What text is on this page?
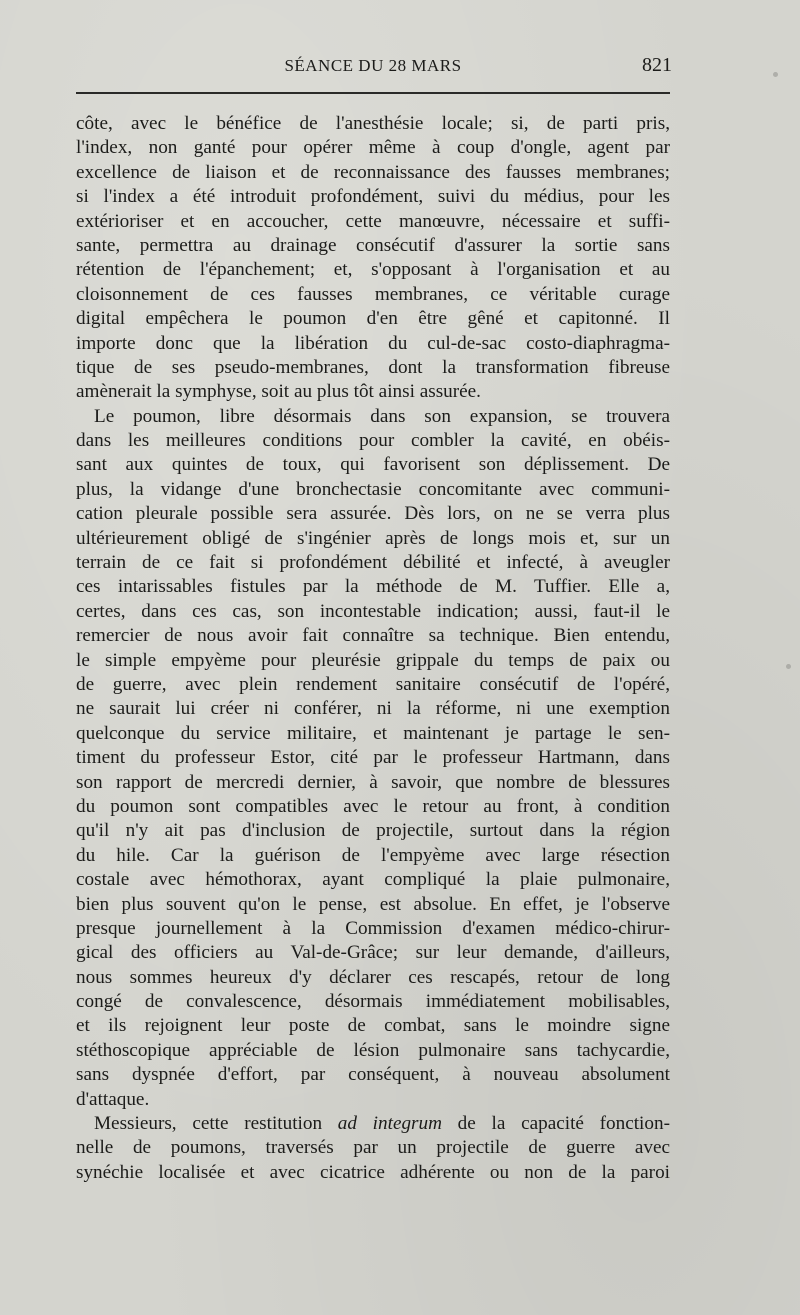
SÉANCE DU 28 MARS	821
côte, avec le bénéfice de l'anesthésie locale; si, de parti pris,
l'index, non ganté pour opérer même à coup d'ongle, agent par
excellence de liaison et de reconnaissance des fausses membranes;
si l'index a été introduit profondément, suivi du médius, pour les
extérioriser et en accoucher, cette manœuvre, nécessaire et suffi-
sante, permettra au drainage consécutif d'assurer la sortie sans
rétention de l'épanchement; et, s'opposant à l'organisation et au
cloisonnement de ces fausses membranes, ce véritable curage
digital empêchera le poumon d'en être gêné et capitonné. Il
importe donc que la libération du cul-de-sac costo-diaphragma-
tique de ses pseudo-membranes, dont la transformation fibreuse
amènerait la symphyse, soit au plus tôt ainsi assurée.
Le poumon, libre désormais dans son expansion, se trouvera
dans les meilleures conditions pour combler la cavité, en obéis-
sant aux quintes de toux, qui favorisent son déplissement. De
plus, la vidange d'une bronchectasie concomitante avec communi-
cation pleurale possible sera assurée. Dès lors, on ne se verra plus
ultérieurement obligé de s'ingénier après de longs mois et, sur un
terrain de ce fait si profondément débilité et infecté, à aveugler
ces intarissables fistules par la méthode de M. Tuffier. Elle a,
certes, dans ces cas, son incontestable indication; aussi, faut-il le
remercier de nous avoir fait connaître sa technique. Bien entendu,
le simple empyème pour pleurésie grippale du temps de paix ou
de guerre, avec plein rendement sanitaire consécutif de l'opéré,
ne saurait lui créer ni conférer, ni la réforme, ni une exemption
quelconque du service militaire, et maintenant je partage le sen-
timent du professeur Estor, cité par le professeur Hartmann, dans
son rapport de mercredi dernier, à savoir, que nombre de blessures
du poumon sont compatibles avec le retour au front, à condition
qu'il n'y ait pas d'inclusion de projectile, surtout dans la région
du hile. Car la guérison de l'empyème avec large résection
costale avec hémothorax, ayant compliqué la plaie pulmonaire,
bien plus souvent qu'on le pense, est absolue. En effet, je l'observe
presque journellement à la Commission d'examen médico-chirur-
gical des officiers au Val-de-Grâce; sur leur demande, d'ailleurs,
nous sommes heureux d'y déclarer ces rescapés, retour de long
congé de convalescence, désormais immédiatement mobilisables,
et ils rejoignent leur poste de combat, sans le moindre signe
stéthoscopique appréciable de lésion pulmonaire sans tachycardie,
sans dyspnée d'effort, par conséquent, à nouveau absolument
d'attaque.
Messieurs, cette restitution ad integrum de la capacité fonction-
nelle de poumons, traversés par un projectile de guerre avec
synéchie localisée et avec cicatrice adhérente ou non de la paroi
